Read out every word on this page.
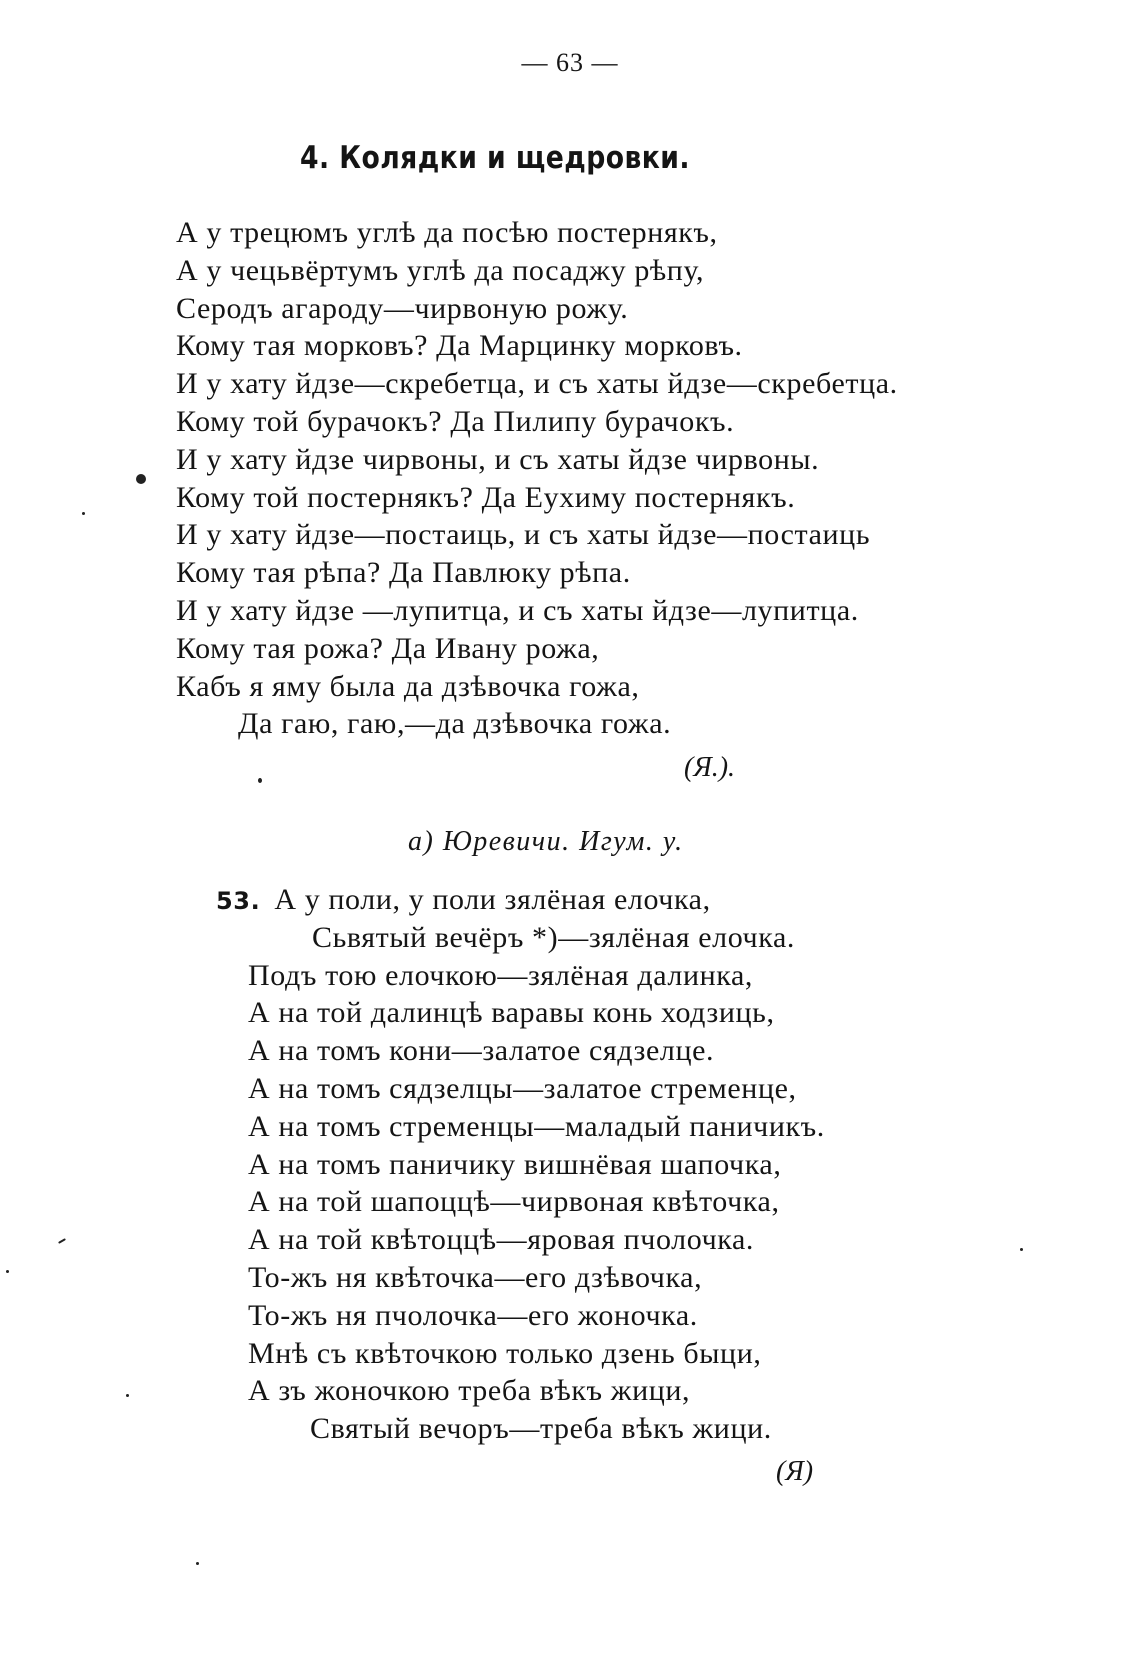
— 63 —
4. Колядки и щедровки.
А у трецюмъ углѣ да посѣю постернякъ,
А у чецьвёртумъ углѣ да посаджу рѣпу,
Серодъ агароду—чирвоную рожу.
Кому тая морковъ? Да Марцинку морковъ.
И у хату йдзе—скребетца, и съ хаты йдзе—скребетца.
Кому той бурачокъ? Да Пилипу бурачокъ.
И у хату йдзе чирвоны, и съ хаты йдзе чирвоны.
Кому той постернякъ? Да Еухиму постернякъ.
И у хату йдзе—постаиць, и съ хаты йдзе—постаиць
Кому тая рѣпа? Да Павлюку рѣпа.
И у хату йдзе —лупитца, и съ хаты йдзе—лупитца.
Кому тая рожа? Да Ивану рожа,
Кабъ я яму была да дзѣвочка гожа,
Да гаю, гаю,—да дзѣвочка гожа.
(Я.).
а) Юревичи. Игум. у.
53. А у поли, у поли зялёная елочка,
Сьвятый вечёръ *)—зялёная елочка.
Подъ тою елочкою—зялёная далинка,
А на той далинцѣ варавы конь ходзиць,
А на томъ кони—залатое сядзелце.
А на томъ сядзелцы—залатое стременце,
А на томъ стременцы—маладый паничикъ.
А на томъ паничику вишнёвая шапочка,
А на той шапоццѣ—чирвоная квѣточка,
А на той квѣтоццѣ—яровая пчолочка.
То-жъ ня квѣточка—его дзѣвочка,
То-жъ ня пчолочка—его жоночка.
Мнѣ съ квѣточкою только дзень быци,
А зъ жоночкою треба вѣкъ жици,
Святый вечоръ—треба вѣкъ жици.
(Я)
